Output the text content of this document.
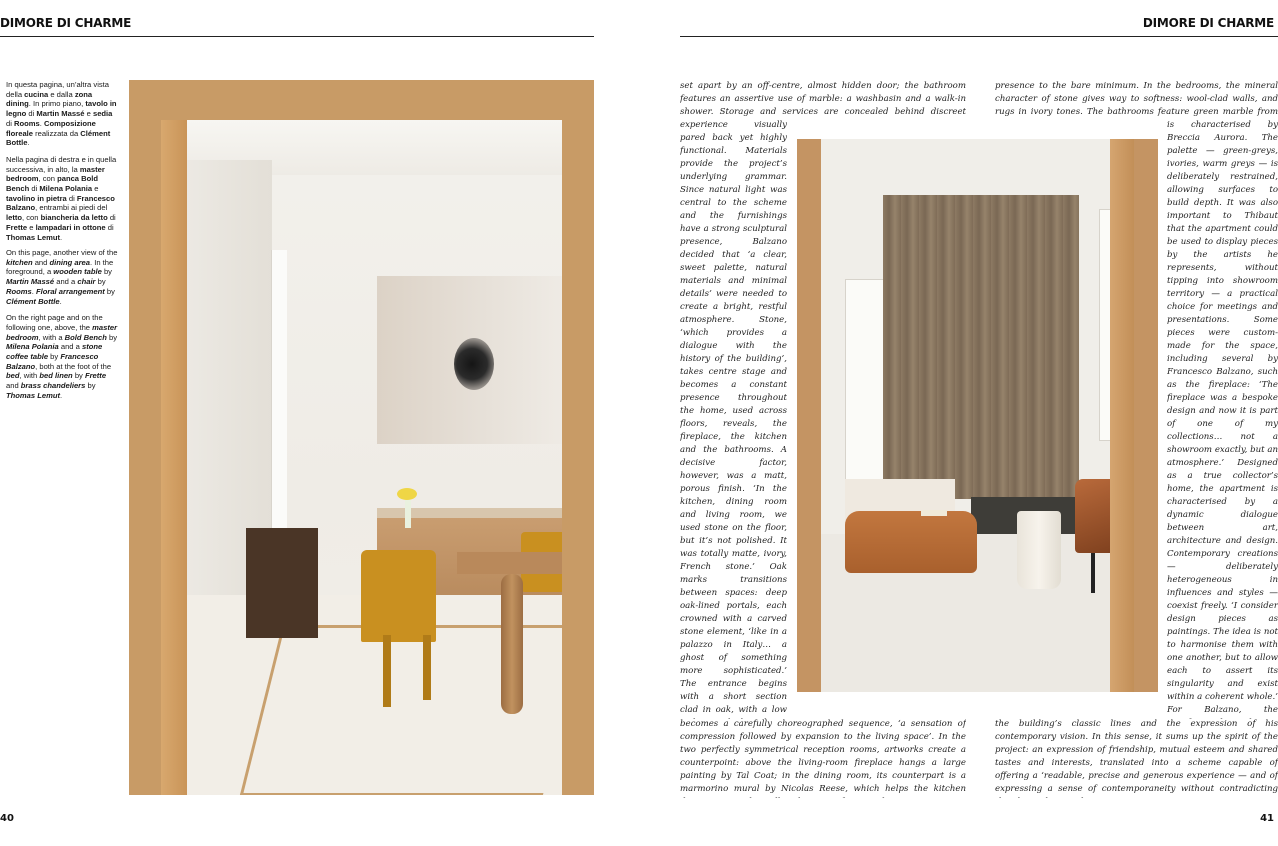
DIMORE DI CHARME

In questa pagina, un’altra vista della cucina e dalla zona dining. In primo piano, tavolo in legno di Martin Massé e sedia di Rooms. Composizione floreale realizzata da Clément Bottle.

Nella pagina di destra e in quella successiva, in alto, la master bedroom, con panca Bold Bench di Milena Polania e tavolino in pietra di Francesco Balzano, entrambi ai piedi del letto, con biancheria da letto di Frette e lampadari in ottone di Thomas Lemut.

On this page, another view of the kitchen and dining area. In the foreground, a wooden table by Martin Massé and a chair by Rooms. Floral arrangement by Clément Bottle.

On the right page and on the following one, above, the master bedroom, with a Bold Bench by Milena Polania and a stone coffee table by Francesco Balzano, both at the foot of the bed, with bed linen by Frette and brass chandeliers by Thomas Lemut.

40
DIMORE DI CHARME

set apart by an off-centre, almost hidden door; the bathroom features an assertive use of marble: a washbasin and a walk-in shower. Storage and services are concealed behind discreet

experience visually pared back yet highly functional. Materials provide the project’s underlying grammar. Since natural light was central to the scheme and the furnishings have a strong sculptural presence, Balzano decided that ‘a clear, sweet palette, natural materials and minimal details’ were needed to create a bright, restful atmosphere. Stone, ‘which provides a dialogue with the history of the building’, takes centre stage and becomes a constant presence throughout the home, used across floors, reveals, the fireplace, the kitchen and the bathrooms. A decisive factor, however, was a matt, porous finish. ‘In the kitchen, dining room and living room, we used stone on the floor, but it’s not polished. It was totally matte, ivory, French stone.’ Oak marks transitions between spaces: deep oak-lined portals, each crowned with a carved stone element, ‘like in a palazzo in Italy… a ghost of something more sophisticated.’ The entrance begins with a short section clad in oak, with a low

becomes a carefully choreographed sequence, ‘a sensation of compression followed by expansion to the living space’. In the two perfectly symmetrical reception rooms, artworks create a counterpoint: above the living-room fireplace hangs a large painting by Tal Coat; in the dining room, its counterpart is a marmorino mural by Nicolas Reese, which helps the kitchen

presence to the bare minimum. In the bedrooms, the mineral character of stone gives way to softness: wool-clad walls, and rugs in ivory tones. The bathrooms feature green marble from

is characterised by Breccia Aurora. The palette — green-greys, ivories, warm greys — is deliberately restrained, allowing surfaces to build depth. It was also important to Thibaut that the apartment could be used to display pieces by the artists he represents, without tipping into showroom territory — a practical choice for meetings and presentations. Some pieces were custom-made for the space, including several by Francesco Balzano, such as the fireplace: ‘The fireplace was a bespoke design and now it is part of one of my collections… not a showroom exactly, but an atmosphere.’ Designed as a true collector’s home, the apartment is characterised by a dynamic dialogue between art, architecture and design. Contemporary creations — deliberately heterogeneous in influences and styles — coexist freely. ‘I consider design pieces as paintings. The idea is not to harmonise them with one another, but to allow each to assert its singularity and exist within a coherent whole.’ For Balzano, the

the building’s classic lines and the expression of his contemporary vision. In this sense, it sums up the spirit of the project: an expression of friendship, mutual esteem and shared tastes and interests, translated into a scheme capable of offering a ‘readable, precise and generous experience — and of expressing a sense of contemporaneity without contradicting

41
